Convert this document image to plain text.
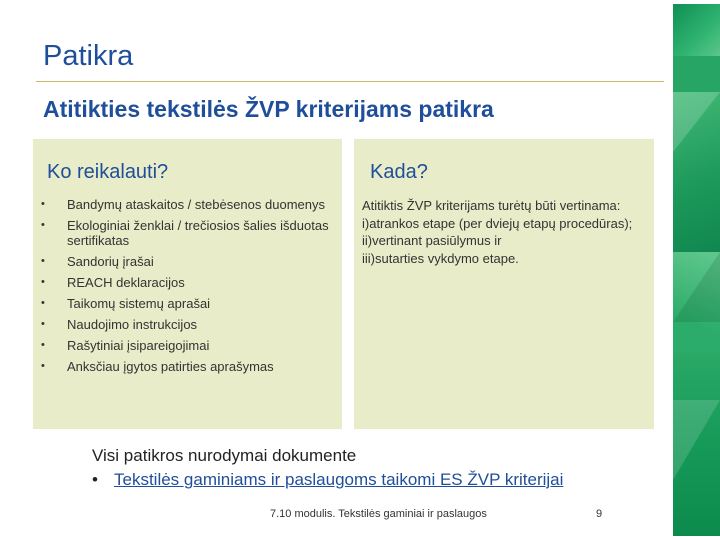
Patikra
Atitikties tekstilės ŽVP kriterijams patikra
Ko reikalauti?
• Bandymų ataskaitos / stebėsenos duomenys
• Ekologiniai ženklai / trečiosios šalies išduotas sertifikatas
• Sandorių įrašai
• REACH deklaracijos
• Taikomų sistemų aprašai
• Naudojimo instrukcijos
• Rašytiniai įsipareigojimai
• Anksčiau įgytos patirties aprašymas
Kada?

Atitiktis ŽVP kriterijams turėtų būti vertinama:

i)atrankos etape (per dviejų etapų procedūras);

ii)vertinant pasiūlymus ir

iii)sutarties vykdymo etape.

Visi patikros nurodymai dokumente
• Tekstilės gaminiams ir paslaugoms taikomi ES ŽVP kriterijai
7.10 modulis. Tekstilės gaminiai ir paslaugos	9
